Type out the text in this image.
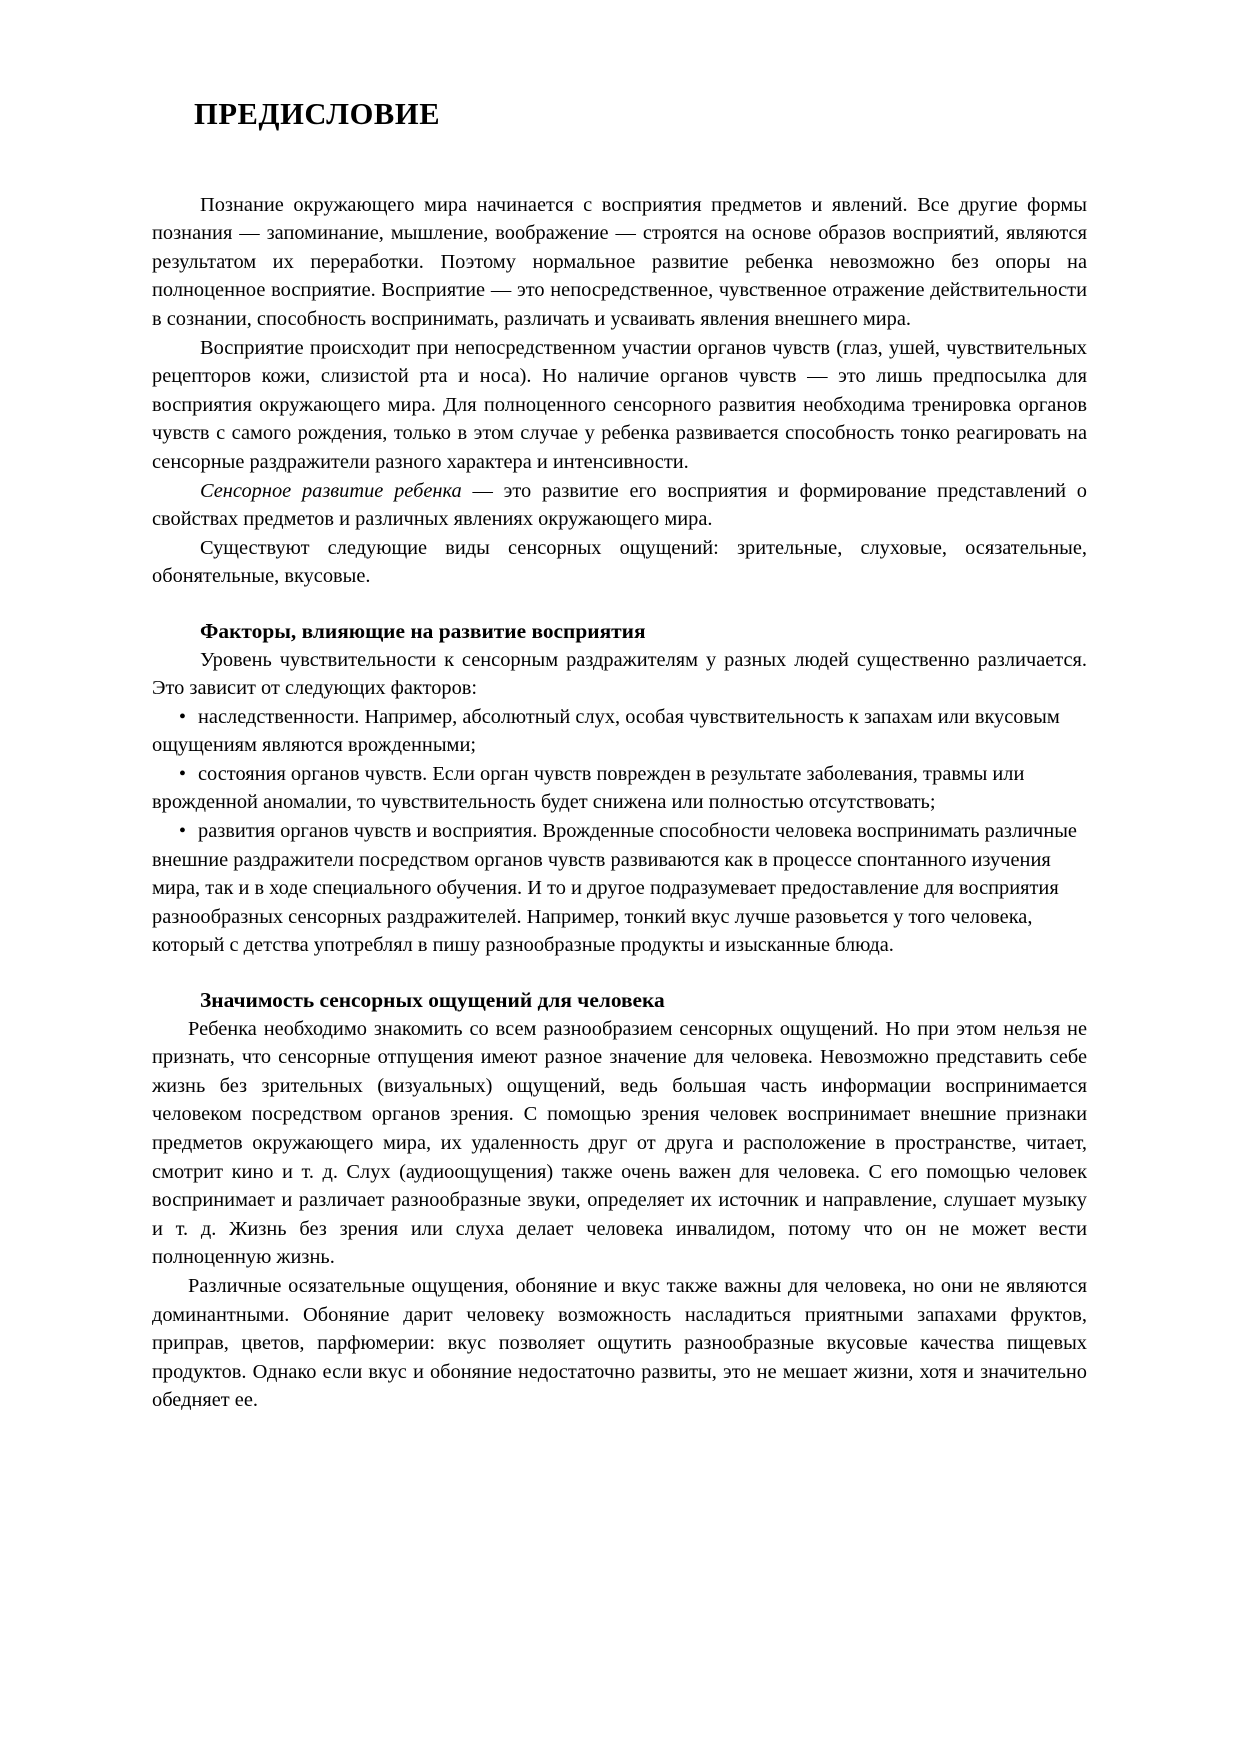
ПРЕДИСЛОВИЕ

Познание окружающего мира начинается с восприятия предметов и явлений. Все другие формы познания — запоминание, мышление, воображение — строятся на основе образов восприятий, являются результатом их переработки. Поэтому нормальное развитие ребенка невозможно без опоры на полноценное восприятие. Восприятие — это непосредственное, чувственное отражение действительности в сознании, способность воспринимать, различать и усваивать явления внешнего мира.

Восприятие происходит при непосредственном участии органов чувств (глаз, ушей, чувствительных рецепторов кожи, слизистой рта и носа). Но наличие органов чувств — это лишь предпосылка для восприятия окружающего мира. Для полноценного сенсорного развития необходима тренировка органов чувств с самого рождения, только в этом случае у ребенка развивается способность тонко реагировать на сенсорные раздражители разного характера и интенсивности.

Сенсорное развитие ребенка — это развитие его восприятия и формирование представлений о свойствах предметов и различных явлениях окружающего мира.

Существуют следующие виды сенсорных ощущений: зрительные, слуховые, осязательные, обонятельные, вкусовые.

Факторы, влияющие на развитие восприятия

Уровень чувствительности к сенсорным раздражителям у разных людей существенно различается. Это зависит от следующих факторов:

• наследственности. Например, абсолютный слух, особая чувствительность к запахам или вкусовым ощущениям являются врожденными;
• состояния органов чувств. Если орган чувств поврежден в результате заболевания, травмы или врожденной аномалии, то чувствительность будет снижена или полностью отсутствовать;
• развития органов чувств и восприятия. Врожденные способности человека воспринимать различные внешние раздражители посредством органов чувств развиваются как в процессе спонтанного изучения мира, так и в ходе специального обучения. И то и другое подразумевает предоставление для восприятия разнообразных сенсорных раздражителей. Например, тонкий вкус лучше разовьется у того человека, который с детства употреблял в пишу разнообразные продукты и изысканные блюда.
Значимость сенсорных ощущений для человека

Ребенка необходимо знакомить со всем разнообразием сенсорных ощущений. Но при этом нельзя не признать, что сенсорные отпущения имеют разное значение для человека. Невозможно представить себе жизнь без зрительных (визуальных) ощущений, ведь большая часть информации воспринимается человеком посредством органов зрения. С помощью зрения человек воспринимает внешние признаки предметов окружающего мира, их удаленность друг от друга и расположение в пространстве, читает, смотрит кино и т. д. Слух (аудиоощущения) также очень важен для человека. С его помощью человек воспринимает и различает разнообразные звуки, определяет их источник и направление, слушает музыку и т. д. Жизнь без зрения или слуха делает человека инвалидом, потому что он не может вести полноценную жизнь.

Различные осязательные ощущения, обоняние и вкус также важны для человека, но они не являются доминантными. Обоняние дарит человеку возможность насладиться приятными запахами фруктов, приправ, цветов, парфюмерии: вкус позволяет ощутить разнообразные вкусовые качества пищевых продуктов. Однако если вкус и обоняние недостаточно развиты, это не мешает жизни, хотя и значительно обедняет ее.
